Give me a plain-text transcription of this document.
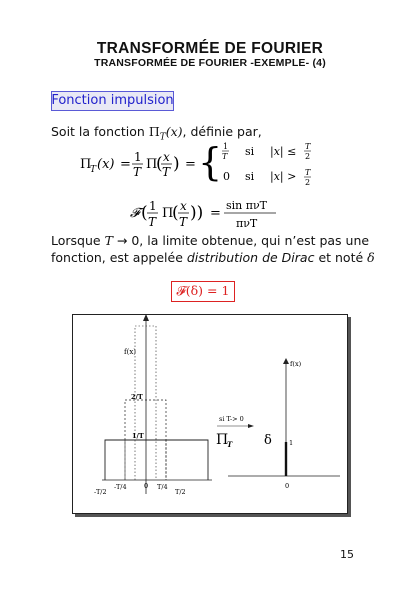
TRANSFORMÉE DE FOURIER
TRANSFORMÉE DE FOURIER -EXEMPLE- (4)
Fonction impulsion
Soit la fonction $\Pi_T(x)$, définie par,
Π
T (x) = 1
T Π
( x
T ) = { 1
T si |x| ≤ T
2
0 si |x| > T
2
𝓕 ( 1
T
Π
( x
T )) =
sin πνT
πνT
Lorsque T → 0, la limite obtenue, qui n’est pas une
fonction, est appelée distribution de Dirac et noté δ
𝓕(δ) = 1
f(x)
2/T
1/T	Π
T
si T-> 0
δ
f(x)
1
0
-T/2
-T/4	0 T/4
T/2
15
